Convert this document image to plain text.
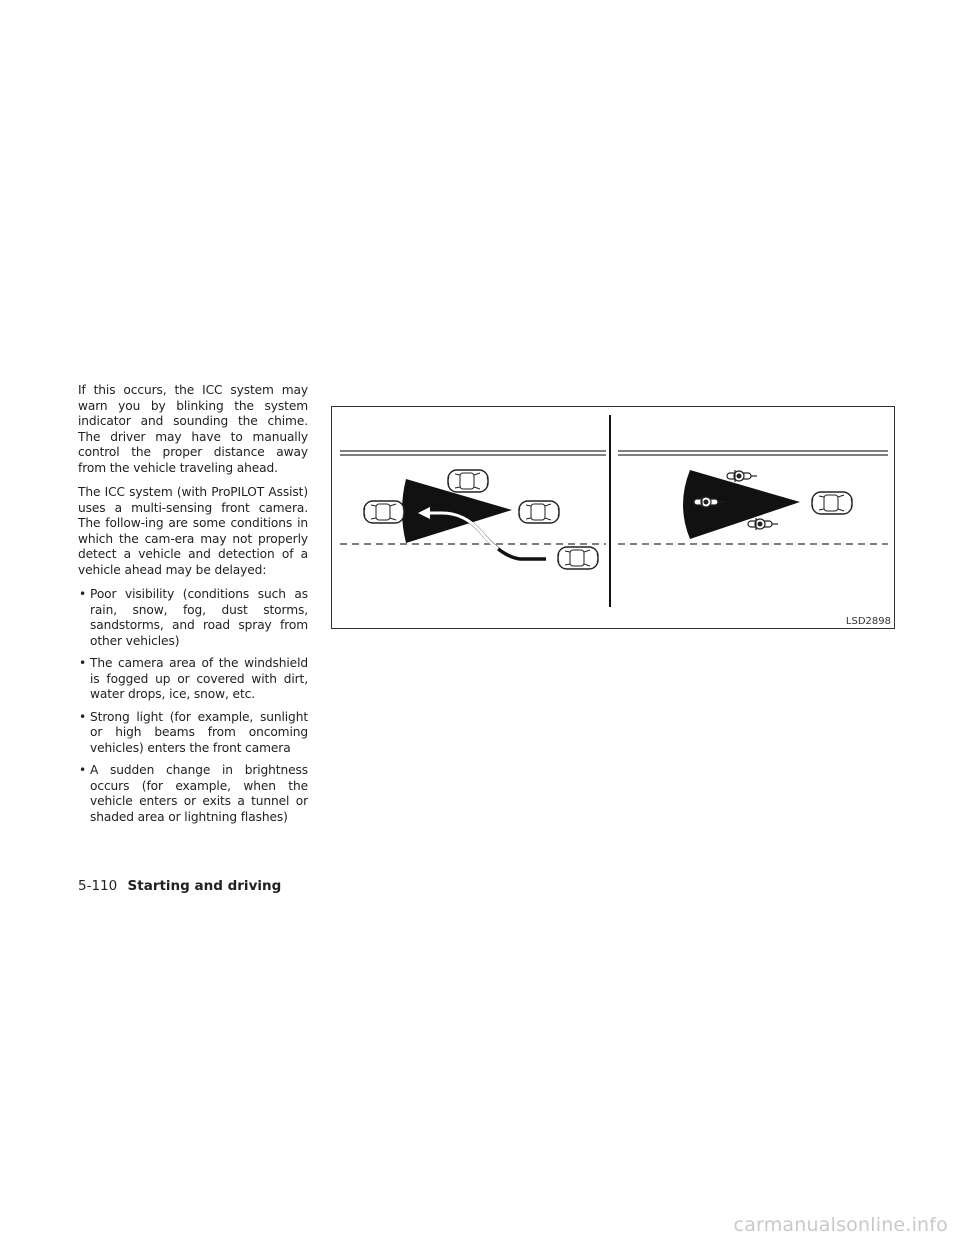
If this occurs, the ICC system may warn you by blinking the system indicator and sounding the chime. The driver may have to manually control the proper distance away from the vehicle traveling ahead.

The ICC system (with ProPILOT Assist) uses a multi-sensing front camera. The follow-ing are some conditions in which the cam-era may not properly detect a vehicle and detection of a vehicle ahead may be delayed:

• Poor visibility (conditions such as rain, snow, fog, dust storms, sandstorms, and road spray from other vehicles)
• The camera area of the windshield is fogged up or covered with dirt, water drops, ice, snow, etc.
• Strong light (for example, sunlight or high beams from oncoming vehicles) enters the front camera
• A sudden change in brightness occurs (for example, when the vehicle enters or exits a tunnel or shaded area or lightning flashes)
LSD2898
5-110 Starting and driving
carmanualsonline.info
